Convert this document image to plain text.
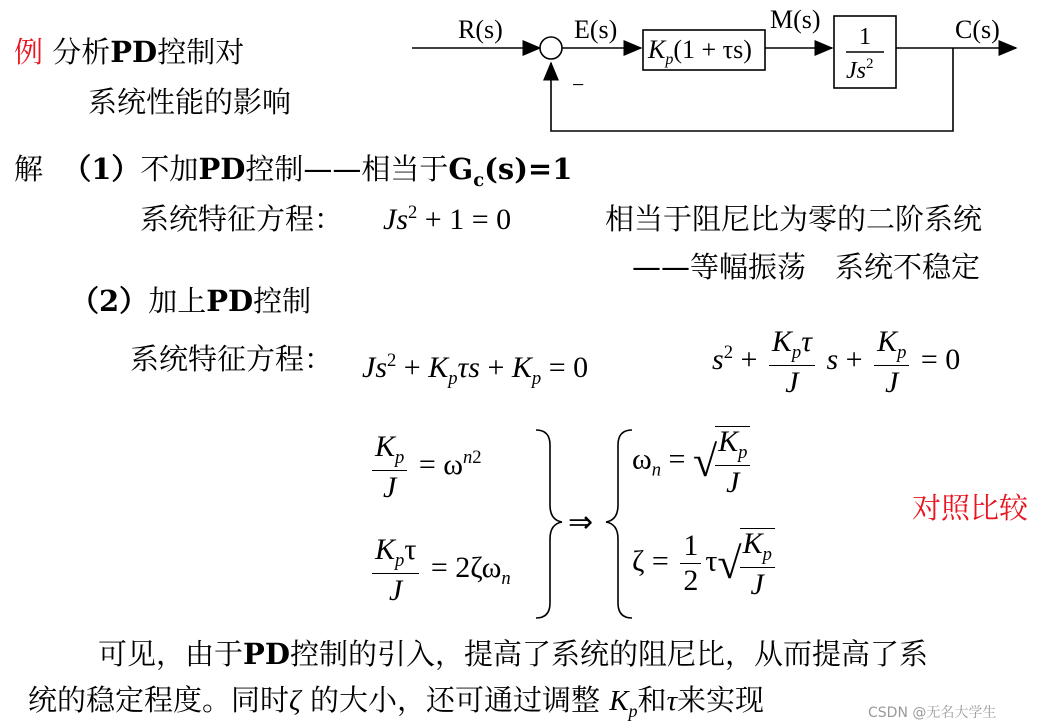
例 分析PD控制对
系统性能的影响
R(s)	E(s)	M(s)	C(s)
−
$K_p(1 + \tau s)$	1
Js$^2$
解 （1）不加PD控制——相当于$G_c(s)=1$
系统特征方程： $Js^2 + 1 = 0$	相当于阻尼比为零的二阶系统
——等幅振荡　系统不稳定
（2）加上PD控制
系统特征方程： $Js^2 + K_p\tau s + K_p = 0$	$s^2 + \frac{K_p\tau}{J}$ $s + \frac{K_p}{J} = 0$
$\frac{K_p}{J} = \omega^{n2}$
$\frac{K_p\tau}{J} = 2\zeta\omega_n$
⇒
$\omega_n$ = √
$\frac{K_p}{J}$
$\zeta = \frac{1}{2} \tau√$
$\frac{K_p}{J}$
对照比较
可见，由于PD控制的引入，提高了系统的阻尼比，从而提高了系
统的稳定程度。同时ζ 的大小，还可通过调整 $K_p$和τ来实现	CSDN @无名大学生
